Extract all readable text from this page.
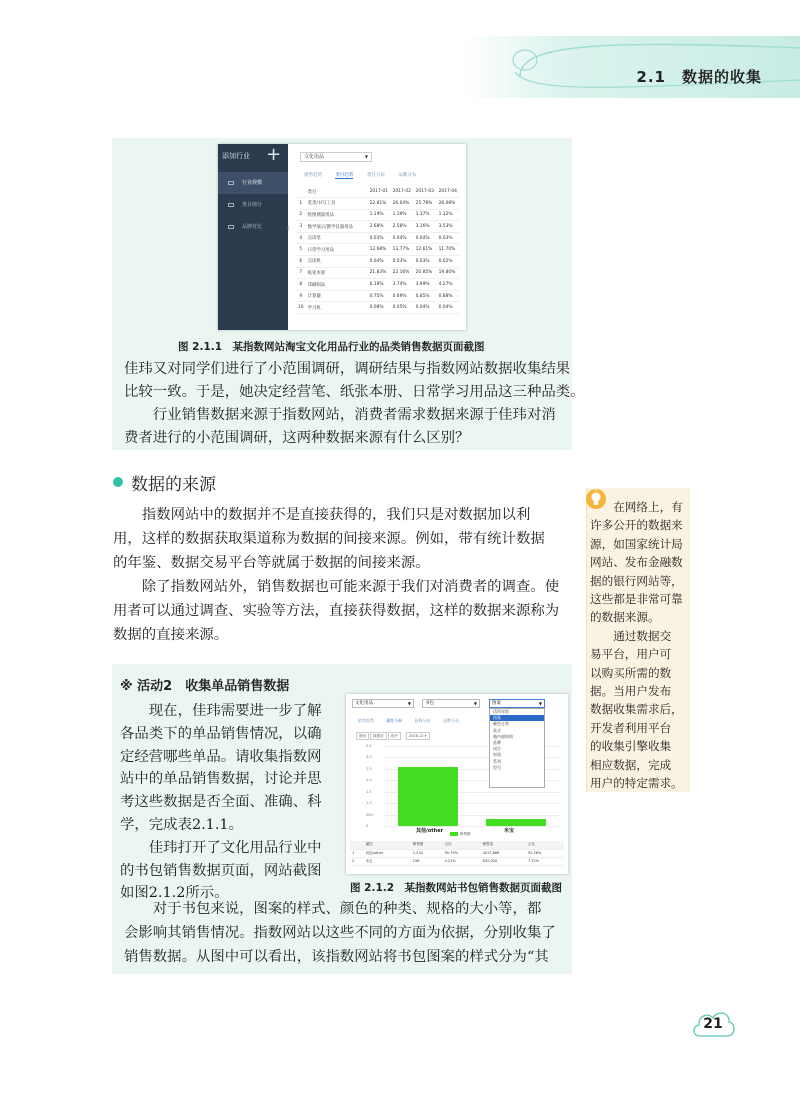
2.1　数据的收集
添加行业 +
行业规模
类目细分
品牌对比	‹
文化用品	▼
销售趋势	类目趋势	类目分布	品牌分布
	类目	2017-01	2017-02	2017-03	2017-04
1	笔类/书写工具	22.81%	26.04%	25.78%	26.08%
2	绘图测量用品	1.19%	1.39%	1.37%	1.32%
3	数学演示/教学仪器用品	2.68%	2.58%	3.16%	3.53%
4	点读笔	0.03%	0.04%	0.04%	0.03%
5	日常学习用品	12.68%	13.77%	12.61%	11.70%
6	点读机	0.04%	0.03%	0.03%	0.02%
7	纸张本册	21.83%	22.16%	20.85%	19.80%
8	印刷制品	6.18%	3.74%	3.99%	4.27%
9	计算器	0.75%	0.69%	0.85%	0.88%
10	学习机	0.08%	0.05%	0.04%	0.04%
图 2.1.1　某指数网站淘宝文化用品行业的品类销售数据页面截图
佳玮又对同学们进行了小范围调研，调研结果与指数网站数据收集结果
比较一致。于是，她决定经营笔、纸张本册、日常学习用品这三种品类。
　　行业销售数据来源于指数网站，消费者需求数据来源于佳玮对消
费者进行的小范围调研，这两种数据来源有什么区别？
数据的来源
　　指数网站中的数据并不是直接获得的，我们只是对数据加以利
用，这样的数据获取渠道称为数据的间接来源。例如，带有统计数据
的年鉴、数据交易平台等就属于数据的间接来源。
　　除了指数网站外，销售数据也可能来源于我们对消费者的调查。使
用者可以通过调查、实验等方法，直接获得数据，这样的数据来源称为
数据的直接来源。
　　在网络上，有
许多公开的数据来
源，如国家统计局
网站、发布金融数
据的银行网站等，
这些都是非常可靠
的数据来源。
　　通过数据交
易平台，用户可
以购买所需的数
据。当用户发布
数据收集需求后，
开发者利用平台
的收集引擎收集
相应数据，完成
用户的特定需求。
※ 活动2　收集单品销售数据
　　现在，佳玮需要进一步了解
各品类下的单品销售情况，以确
定经营哪些单品。请收集指数网
站中的单品销售数据，讨论并思
考这些数据是否全面、准确、科
学，完成表2.1.1。
　　佳玮打开了文化用品行业中
的书包销售数据页面，网站截图
如图2.1.2所示。
文化用品	▼	书包	▼	图案	▼
销售趋势	属性分析	价格分布	品牌分布
图形	数据项	排序	2016-12 ▾
0
500
1.0
1.5
2.0
2.5
3.0
3.5
其他/other	米宝
适用年级
图案
颜色分类
款式
箱内部结构
品牌
闭合
材质
系列
型号
销售额
	属性	销售额	占比	销售量	占比
1	其他/other	1,234	95.79%	4017,866	92.28%
2	米宝	156	4.21%	632,000	7.72%
图 2.1.2　某指数网站书包销售数据页面截图
　　对于书包来说，图案的样式、颜色的种类、规格的大小等，都
会影响其销售情况。指数网站以这些不同的方面为依据，分别收集了
销售数据。从图中可以看出，该指数网站将书包图案的样式分为“其
21
